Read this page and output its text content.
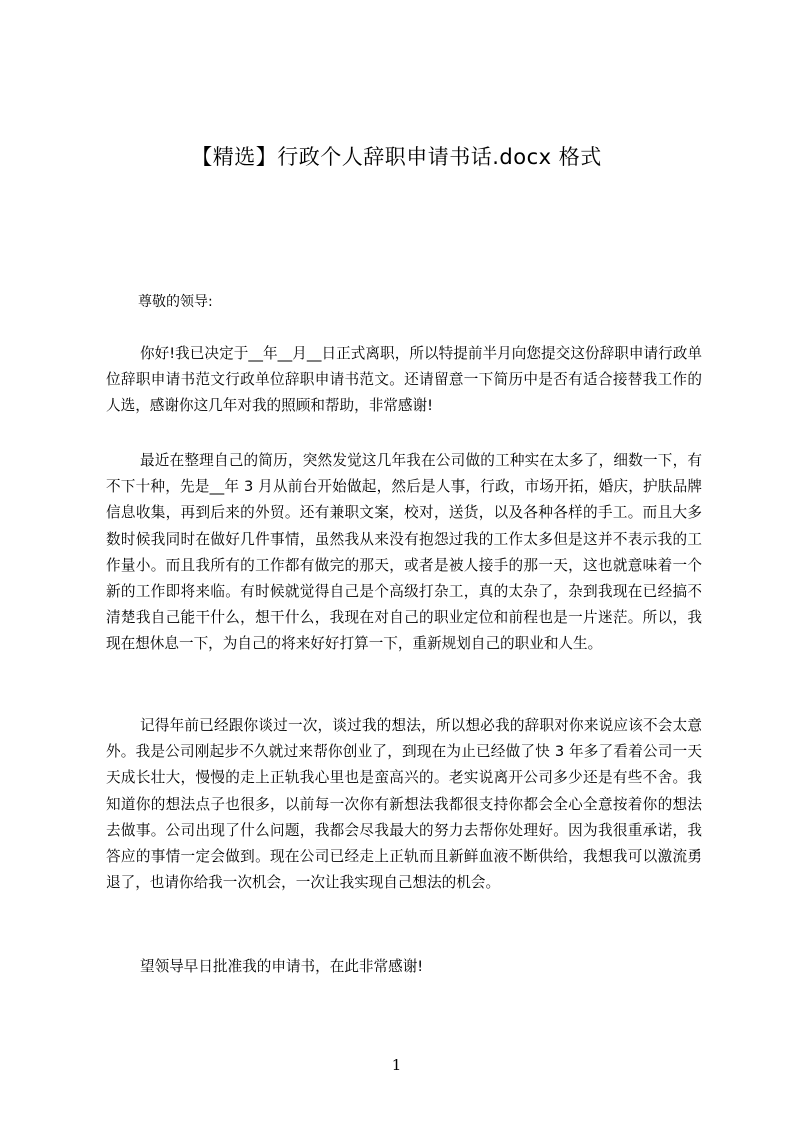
【精选】行政个人辞职申请书话.docx 格式
尊敬的领导:

你好!我已决定于__年__月__日正式离职，所以特提前半月向您提交这份辞职申请行政单位辞职申请书范文行政单位辞职申请书范文。还请留意一下简历中是否有适合接替我工作的人选，感谢你这几年对我的照顾和帮助，非常感谢!

最近在整理自己的简历，突然发觉这几年我在公司做的工种实在太多了，细数一下，有不下十种，先是__年 3 月从前台开始做起，然后是人事，行政，市场开拓，婚庆，护肤品牌信息收集，再到后来的外贸。还有兼职文案，校对，送货，以及各种各样的手工。而且大多数时候我同时在做好几件事情，虽然我从来没有抱怨过我的工作太多但是这并不表示我的工作量小。而且我所有的工作都有做完的那天，或者是被人接手的那一天，这也就意味着一个新的工作即将来临。有时候就觉得自己是个高级打杂工，真的太杂了，杂到我现在已经搞不清楚我自己能干什么，想干什么，我现在对自己的职业定位和前程也是一片迷茫。所以，我现在想休息一下，为自己的将来好好打算一下，重新规划自己的职业和人生。

记得年前已经跟你谈过一次，谈过我的想法，所以想必我的辞职对你来说应该不会太意外。我是公司刚起步不久就过来帮你创业了，到现在为止已经做了快 3 年多了看着公司一天天成长壮大，慢慢的走上正轨我心里也是蛮高兴的。老实说离开公司多少还是有些不舍。我知道你的想法点子也很多，以前每一次你有新想法我都很支持你都会全心全意按着你的想法去做事。公司出现了什么问题，我都会尽我最大的努力去帮你处理好。因为我很重承诺，我答应的事情一定会做到。现在公司已经走上正轨而且新鲜血液不断供给，我想我可以激流勇退了，也请你给我一次机会，一次让我实现自己想法的机会。

望领导早日批准我的申请书，在此非常感谢!

1
